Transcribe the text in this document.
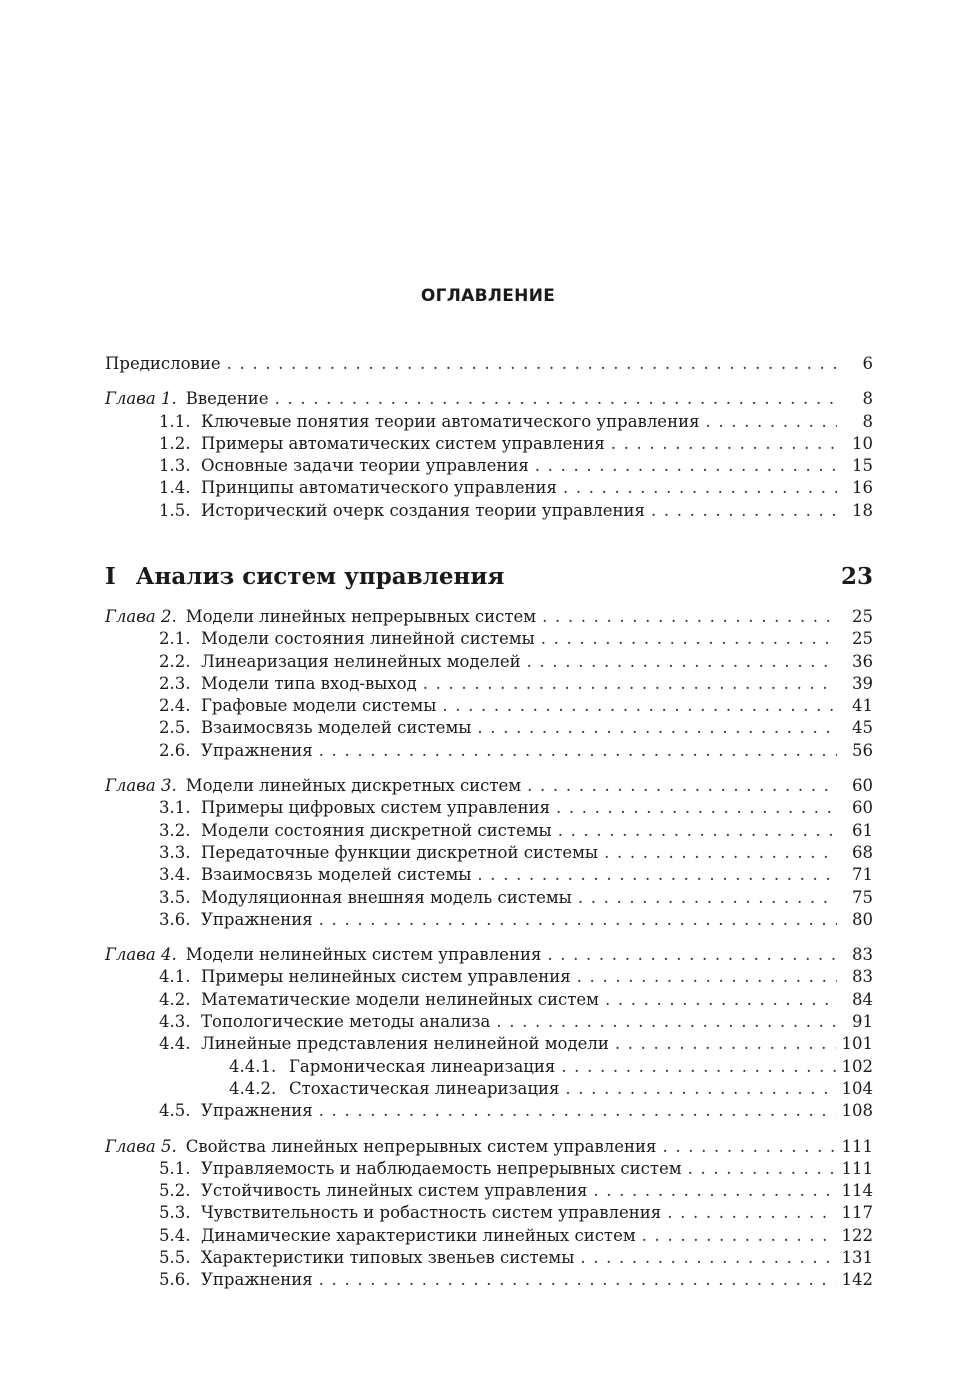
ОГЛАВЛЕНИЕ
Предисловие . . .	6
Глава 1. Введение . . .	8
1.1. Ключевые понятия теории автоматического управления . . .	8
1.2. Примеры автоматических систем управления . . .	10
1.3. Основные задачи теории управления . . .	15
1.4. Принципы автоматического управления . . .	16
1.5. Исторический очерк создания теории управления . . .	18
I Анализ систем управления	23
Глава 2. Модели линейных непрерывных систем . . .	25
2.1. Модели состояния линейной системы . . .	25
2.2. Линеаризация нелинейных моделей . . .	36
2.3. Модели типа вход-выход . . .	39
2.4. Графовые модели системы . . .	41
2.5. Взаимосвязь моделей системы . . .	45
2.6. Упражнения . . .	56
Глава 3. Модели линейных дискретных систем . . .	60
3.1. Примеры цифровых систем управления . . .	60
3.2. Модели состояния дискретной системы . . .	61
3.3. Передаточные функции дискретной системы . . .	68
3.4. Взаимосвязь моделей системы . . .	71
3.5. Модуляционная внешняя модель системы . . .	75
3.6. Упражнения . . .	80
Глава 4. Модели нелинейных систем управления . . .	83
4.1. Примеры нелинейных систем управления . . .	83
4.2. Математические модели нелинейных систем . . .	84
4.3. Топологические методы анализа . . .	91
4.4. Линейные представления нелинейной модели . . .	101
4.4.1. Гармоническая линеаризация . . .	102
4.4.2. Стохастическая линеаризация . . .	104
4.5. Упражнения . . .	108
Глава 5. Свойства линейных непрерывных систем управления . . .	111
5.1. Управляемость и наблюдаемость непрерывных систем . . .	111
5.2. Устойчивость линейных систем управления . . .	114
5.3. Чувствительность и робастность систем управления . . .	117
5.4. Динамические характеристики линейных систем . . .	122
5.5. Характеристики типовых звеньев системы . . .	131
5.6. Упражнения . . .	142
